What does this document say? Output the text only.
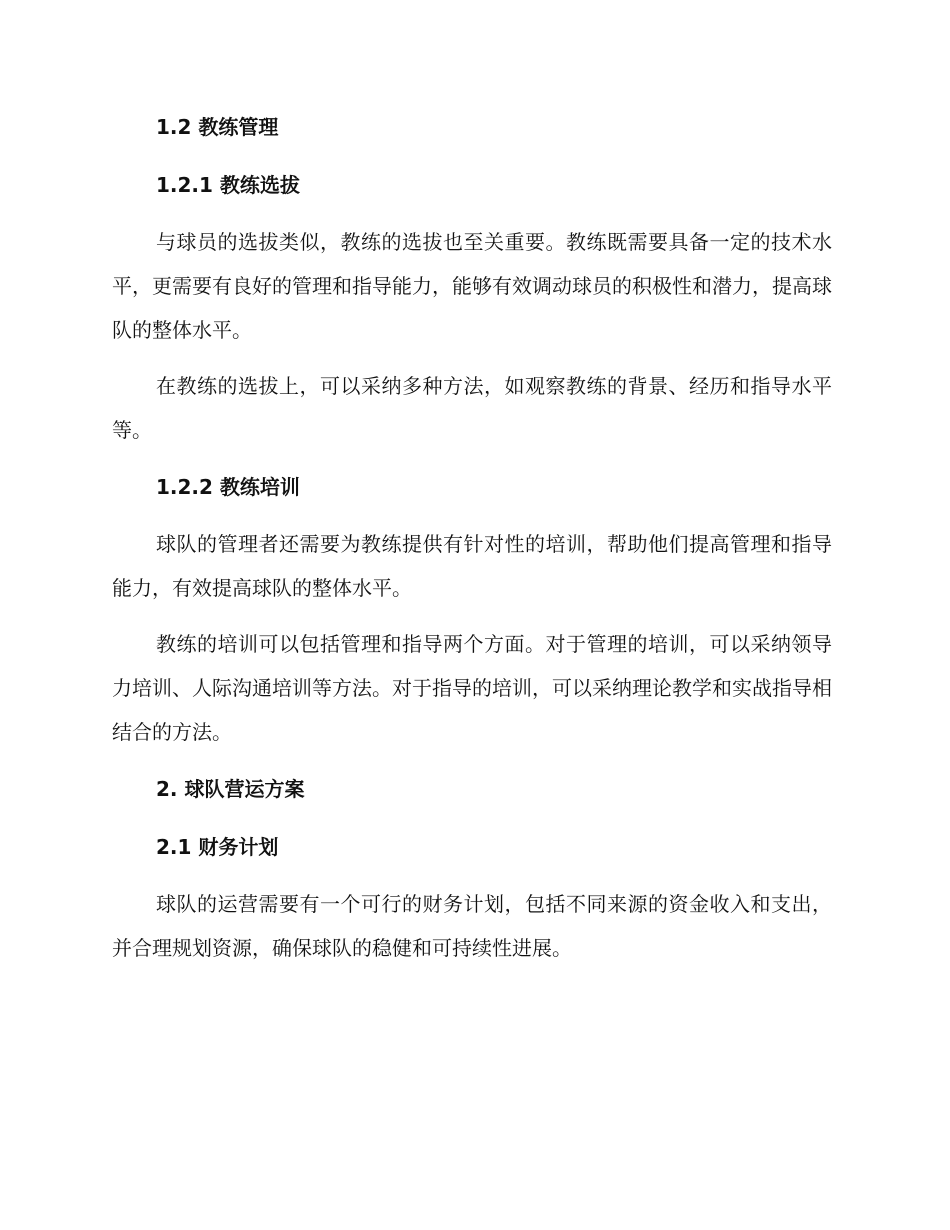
1.2 教练管理
1.2.1 教练选拔
与球员的选拔类似，教练的选拔也至关重要。教练既需要具备一定的技术水平，更需要有良好的管理和指导能力，能够有效调动球员的积极性和潜力，提高球队的整体水平。
在教练的选拔上，可以采纳多种方法，如观察教练的背景、经历和指导水平等。
1.2.2 教练培训
球队的管理者还需要为教练提供有针对性的培训，帮助他们提高管理和指导能力，有效提高球队的整体水平。
教练的培训可以包括管理和指导两个方面。对于管理的培训，可以采纳领导力培训、人际沟通培训等方法。对于指导的培训，可以采纳理论教学和实战指导相结合的方法。
2. 球队营运方案
2.1 财务计划
球队的运营需要有一个可行的财务计划，包括不同来源的资金收入和支出，并合理规划资源，确保球队的稳健和可持续性进展。
